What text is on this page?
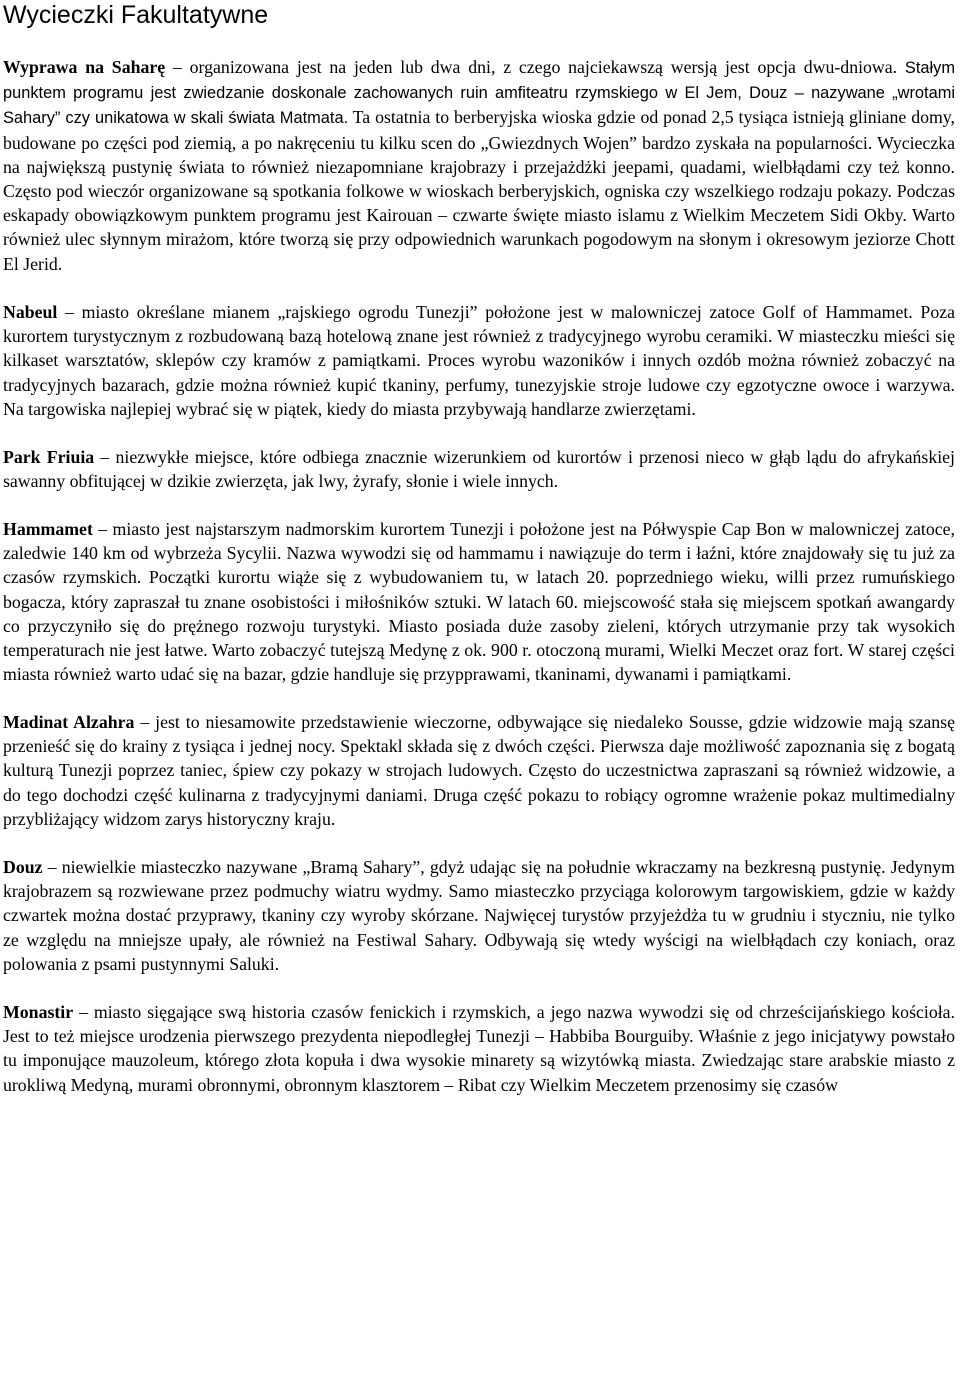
Wycieczki Fakultatywne

Wyprawa na Saharę – organizowana jest na jeden lub dwa dni, z czego najciekawszą wersją jest opcja dwu-dniowa. Stałym punktem programu jest zwiedzanie doskonale zachowanych ruin amfiteatru rzymskiego w El Jem, Douz – nazywane „wrotami Sahary” czy unikatowa w skali świata Matmata. Ta ostatnia to berberyjska wioska gdzie od ponad 2,5 tysiąca istnieją gliniane domy, budowane po części pod ziemią, a po nakręceniu tu kilku scen do „Gwiezdnych Wojen” bardzo zyskała na popularności. Wycieczka na największą pustynię świata to również niezapomniane krajobrazy i przejażdżki jeepami, quadami, wielbłądami czy też konno. Często pod wieczór organizowane są spotkania folkowe w wioskach berberyjskich, ogniska czy wszelkiego rodzaju pokazy. Podczas eskapady obowiązkowym punktem programu jest Kairouan – czwarte święte miasto islamu z Wielkim Meczetem Sidi Okby. Warto również ulec słynnym mirażom, które tworzą się przy odpowiednich warunkach pogodowym na słonym i okresowym jeziorze Chott El Jerid.

Park Friuia – niezwykłe miejsce, które odbiega znacznie wizerunkiem od kurortów i przenosi nieco w głąb lądu do afrykańskiej sawanny obfitującej w dzikie zwierzęta, jak lwy, żyrafy, słonie i wiele innych.

Hammamet – miasto jest najstarszym nadmorskim kurortem Tunezji i położone jest na Półwyspie Cap Bon w malowniczej zatoce, zaledwie 140 km od wybrzeża Sycylii. Nazwa wywodzi się od hammamu i nawiązuje do term i łaźni, które znajdowały się tu już za czasów rzymskich. Początki kurortu wiąże się z wybudowaniem tu, w latach 20. poprzedniego wieku, willi przez rumuńskiego bogacza, który zapraszał tu znane osobistości i miłośników sztuki. W latach 60. miejscowość stała się miejscem spotkań awangardy co przyczyniło się do prężnego rozwoju turystyki. Miasto posiada duże zasoby zieleni, których utrzymanie przy tak wysokich temperaturach nie jest łatwe. Warto zobaczyć tutejszą Medynę z ok. 900 r. otoczoną murami, Wielki Meczet oraz fort. W starej części miasta również warto udać się na bazar, gdzie handluje się przypprawami, tkaninami, dywanami i pamiątkami.

Madinat Alzahra – jest to niesamowite przedstawienie wieczorne, odbywające się niedaleko Sousse, gdzie widzowie mają szansę przenieść się do krainy z tysiąca i jednej nocy. Spektakl składa się z dwóch części. Pierwsza daje możliwość zapoznania się z bogatą kulturą Tunezji poprzez taniec, śpiew czy pokazy w strojach ludowych. Często do uczestnictwa zapraszani są również widzowie, a do tego dochodzi część kulinarna z tradycyjnymi daniami. Druga część pokazu to robiący ogromne wrażenie pokaz multimedialny przybliżający widzom zarys historyczny kraju.

Douz – niewielkie miasteczko nazywane „Bramą Sahary”, gdyż udając się na południe wkraczamy na bezkresną pustynię. Jedynym krajobrazem są rozwiewane przez podmuchy wiatru wydmy. Samo miasteczko przyciąga kolorowym targowiskiem, gdzie w każdy czwartek można dostać przyprawy, tkaniny czy wyroby skórzane. Najwięcej turystów przyjeżdża tu w grudniu i styczniu, nie tylko ze względu na mniejsze upały, ale również na Festiwal Sahary. Odbywają się wtedy wyścigi na wielbłądach czy koniach, oraz polowania z psami pustynnymi Saluki.

Monastir – miasto sięgające swą historia czasów fenickich i rzymskich, a jego nazwa wywodzi się od chrześcijańskiego kościoła. Jest to też miejsce urodzenia pierwszego prezydenta niepodległej Tunezji – Habbiba Bourguiby. Właśnie z jego inicjatywy powstało tu imponujące mauzoleum, którego złota kopuła i dwa wysokie minarety są wizytówką miasta. Zwiedzając stare arabskie miasto z urokliwą Medyną, murami obronnymi, obronnym klasztorem – Ribat czy Wielkim Meczetem przenosimy się czasów

Nabeul – miasto określane mianem „rajskiego ogrodu Tunezji” położone jest w malowniczej zatoce Golf of Hammamet. Poza kurortem turystycznym z rozbudowaną bazą hotelową znane jest również z tradycyjnego wyrobu ceramiki. W miasteczku mieści się kilkaset warsztatów, sklepów czy kramów z pamiątkami. Proces wyrobu wazoników i innych ozdób można również zobaczyć na tradycyjnych bazarach, gdzie można również kupić tkaniny, perfumy, tunezyjskie stroje ludowe czy egzotyczne owoce i warzywa. Na targowiska najlepiej wybrać się w piątek, kiedy do miasta przybywają handlarze zwierzętami.
